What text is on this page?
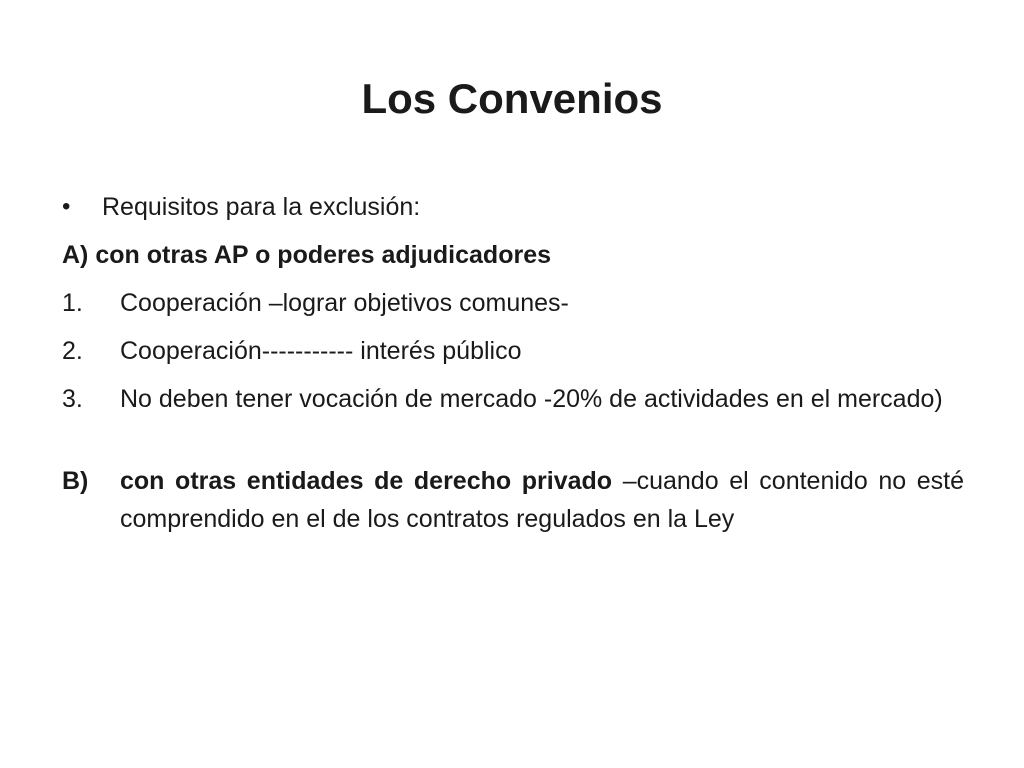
Los Convenios
•	Requisitos para la exclusión:
A) con otras AP o poderes adjudicadores
1.	Cooperación –lograr objetivos comunes-
2.	Cooperación----------- interés público
3.	No deben tener vocación de mercado -20% de actividades en el mercado)
B)	con otras entidades de derecho privado –cuando el contenido no esté comprendido en el de los contratos regulados en la Ley
